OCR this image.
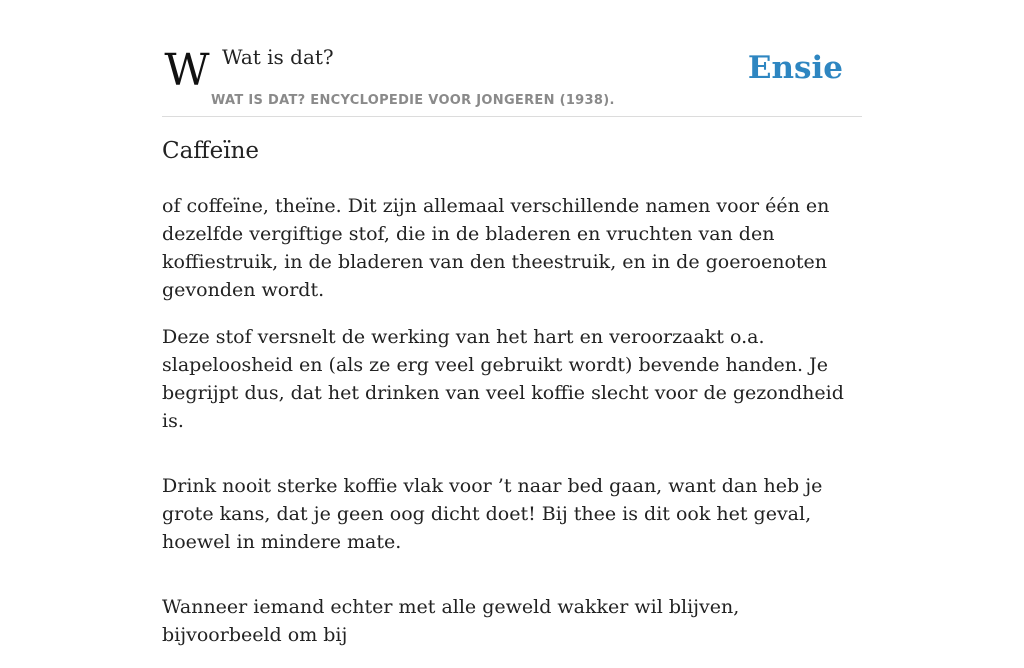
W Wat is dat?
WAT IS DAT? ENCYCLOPEDIE VOOR JONGEREN (1938).
Ensie
Caffeïne

of coffeïne, theïne. Dit zijn allemaal verschillende namen voor één en dezelfde vergiftige stof, die in de bladeren en vruchten van den koffiestruik, in de bladeren van den theestruik, en in de goeroenoten gevonden wordt.

Deze stof versnelt de werking van het hart en veroorzaakt o.a. slapeloosheid en (als ze erg veel gebruikt wordt) bevende handen. Je begrijpt dus, dat het drinken van veel koffie slecht voor de gezondheid is.

Drink nooit sterke koffie vlak voor ’t naar bed gaan, want dan heb je grote kans, dat je geen oog dicht doet! Bij thee is dit ook het geval, hoewel in mindere mate.

Wanneer iemand echter met alle geweld wakker wil blijven, bijvoorbeeld om bij
